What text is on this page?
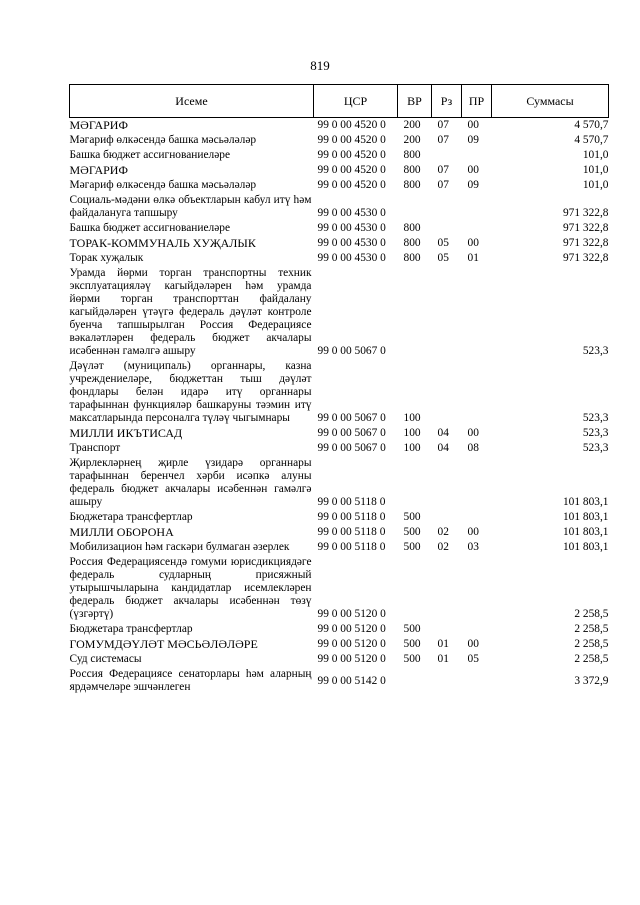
819
Исеме	ЦСР	ВР	Рз	ПР	Суммасы
МӘГАРИФ	99 0 00 4520 0	200	07	00	4 570,7
Мәгариф өлкәсендә башка мәсьәләләр	99 0 00 4520 0	200	07	09	4 570,7
Башка бюджет ассигнованиеләре	99 0 00 4520 0	800			101,0
МӘГАРИФ	99 0 00 4520 0	800	07	00	101,0
Мәгариф өлкәсендә башка мәсьәләләр	99 0 00 4520 0	800	07	09	101,0
Социаль-мәдәни өлкә объектларын кабул итү һәм файдалануга тапшыру	99 0 00 4530 0				971 322,8
Башка бюджет ассигнованиеләре	99 0 00 4530 0	800			971 322,8
ТОРАК-КОММУНАЛЬ ХУҖАЛЫК	99 0 00 4530 0	800	05	00	971 322,8
Торак хуҗалык	99 0 00 4530 0	800	05	01	971 322,8
Урамда йөрми торган транспортны техник эксплуатацияләү кагыйдәләрен һәм урамда йөрми торган транспорттан файдалану кагыйдәләрен үтәүгә федераль дәүләт контроле буенча тапшырылган Россия Федерациясе вәкаләтләрен федераль бюджет акчалары исәбеннән гамәлгә ашыру	99 0 00 5067 0				523,3
Дәүләт (муниципаль) органнары, казна учреждениеләре, бюджеттан тыш дәүләт фондлары белән идарә итү органнары тарафыннан функцияләр башкаруны тәэмин итү максатларында персоналга түләү чыгымнары	99 0 00 5067 0	100			523,3
МИЛЛИ ИКЪТИСАД	99 0 00 5067 0	100	04	00	523,3
Транспорт	99 0 00 5067 0	100	04	08	523,3
Җирлекләрнең җирле үзидарә органнары тарафыннан беренчел хәрби исәпкә алуны федераль бюджет акчалары исәбеннән гамәлгә ашыру	99 0 00 5118 0				101 803,1
Бюджетара трансфертлар	99 0 00 5118 0	500			101 803,1
МИЛЛИ ОБОРОНА	99 0 00 5118 0	500	02	00	101 803,1
Мобилизацион һәм гаскәри булмаган әзерлек	99 0 00 5118 0	500	02	03	101 803,1
Россия Федерациясендә гомуми юрисдикциядәге федераль судларның присяжный утырышчыларына кандидатлар исемлекләрен федераль бюджет акчалары исәбеннән төзү (үзгәртү)	99 0 00 5120 0				2 258,5
Бюджетара трансфертлар	99 0 00 5120 0	500			2 258,5
ГОМУМДӘҮЛӘТ МӘСЬӘЛӘЛӘРЕ	99 0 00 5120 0	500	01	00	2 258,5
Суд системасы	99 0 00 5120 0	500	01	05	2 258,5
Россия Федерациясе сенаторлары һәм аларның ярдәмчеләре эшчәнлеген	99 0 00 5142 0				3 372,9
